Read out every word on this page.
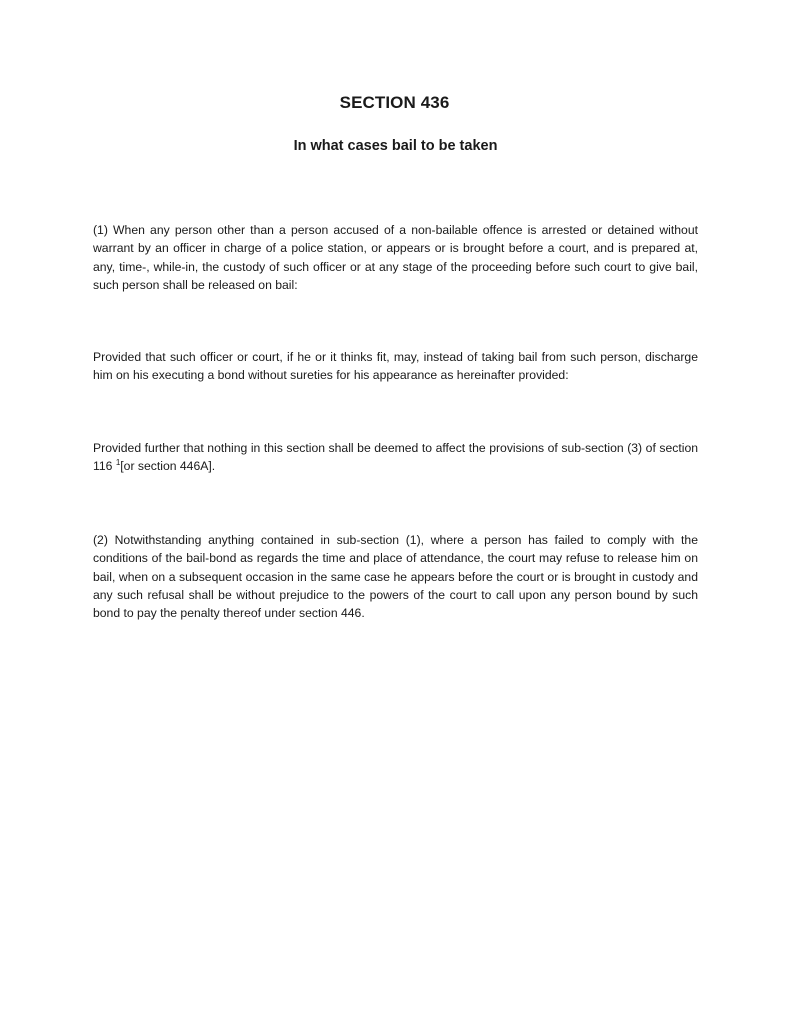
SECTION 436
In what cases bail to be taken

(1) When any person other than a person accused of a non-bailable offence is arrested or detained without warrant by an officer in charge of a police station, or appears or is brought before a court, and is prepared at, any, time-, while-in, the custody of such officer or at any stage of the proceeding before such court to give bail, such person shall be released on bail:

Provided that such officer or court, if he or it thinks fit, may, instead of taking bail from such person, discharge him on his executing a bond without sureties for his appearance as hereinafter provided:

Provided further that nothing in this section shall be deemed to affect the provisions of sub-section (3) of section 116 $^1$[or section 446A].

(2) Notwithstanding anything contained in sub-section (1), where a person has failed to comply with the conditions of the bail-bond as regards the time and place of attendance, the court may refuse to release him on bail, when on a subsequent occasion in the same case he appears before the court or is brought in custody and any such refusal shall be without prejudice to the powers of the court to call upon any person bound by such bond to pay the penalty thereof under section 446.
